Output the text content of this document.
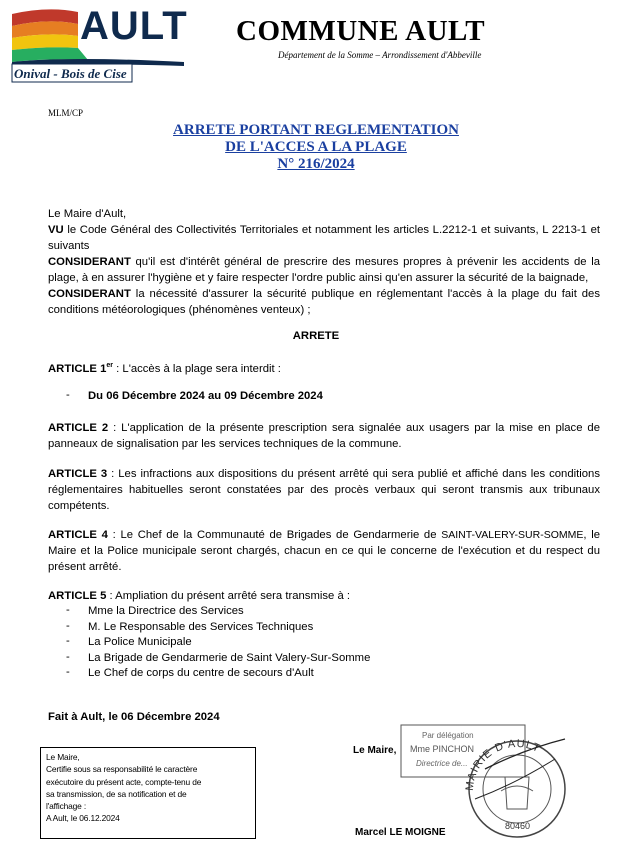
AULT
Onival - Bois de Cise
COMMUNE AULT
Département de la Somme – Arrondissement d'Abbeville
MLM/CP
ARRETE PORTANT REGLEMENTATION
DE L'ACCES A LA PLAGE
N° 216/2024
Le Maire d'Ault,
VU le Code Général des Collectivités Territoriales et notamment les articles L.2212-1 et suivants, L 2213-1 et suivants
CONSIDERANT qu'il est d'intérêt général de prescrire des mesures propres à prévenir les accidents de la plage, à en assurer l'hygiène et y faire respecter l'ordre public ainsi qu'en assurer la sécurité de la baignade,
CONSIDERANT la nécessité d'assurer la sécurité publique en réglementant l'accès à la plage du fait des conditions météorologiques (phénomènes venteux) ;
ARRETE
ARTICLE 1er : L'accès à la plage sera interdit :
- Du 06 Décembre 2024 au 09 Décembre 2024
ARTICLE 2 : L'application de la présente prescription sera signalée aux usagers par la mise en place de panneaux de signalisation par les services techniques de la commune.
ARTICLE 3 : Les infractions aux dispositions du présent arrêté qui sera publié et affiché dans les conditions réglementaires habituelles seront constatées par des procès verbaux qui seront transmis aux tribunaux compétents.
ARTICLE 4 : Le Chef de la Communauté de Brigades de Gendarmerie de SAINT-VALERY-SUR-SOMME, le Maire et la Police municipale seront chargés, chacun en ce qui le concerne de l'exécution et du respect du présent arrêté.
ARTICLE 5 : Ampliation du présent arrêté sera transmise à :
- Mme la Directrice des Services
- M. Le Responsable des Services Techniques
- La Police Municipale
- La Brigade de Gendarmerie de Saint Valery-Sur-Somme
- Le Chef de corps du centre de secours d'Ault
Fait à Ault, le 06 Décembre 2024
Le Maire,
Certifie sous sa responsabilité le caractère
exécutoire du présent acte, compte-tenu de
sa transmission, de sa notification et de
l'affichage :
A Ault, le 06.12.2024
Le Maire,
Par délégation
Mme PINCHON
Directrice de...
MAIRIE D'AULT
80460
Marcel LE MOIGNE
